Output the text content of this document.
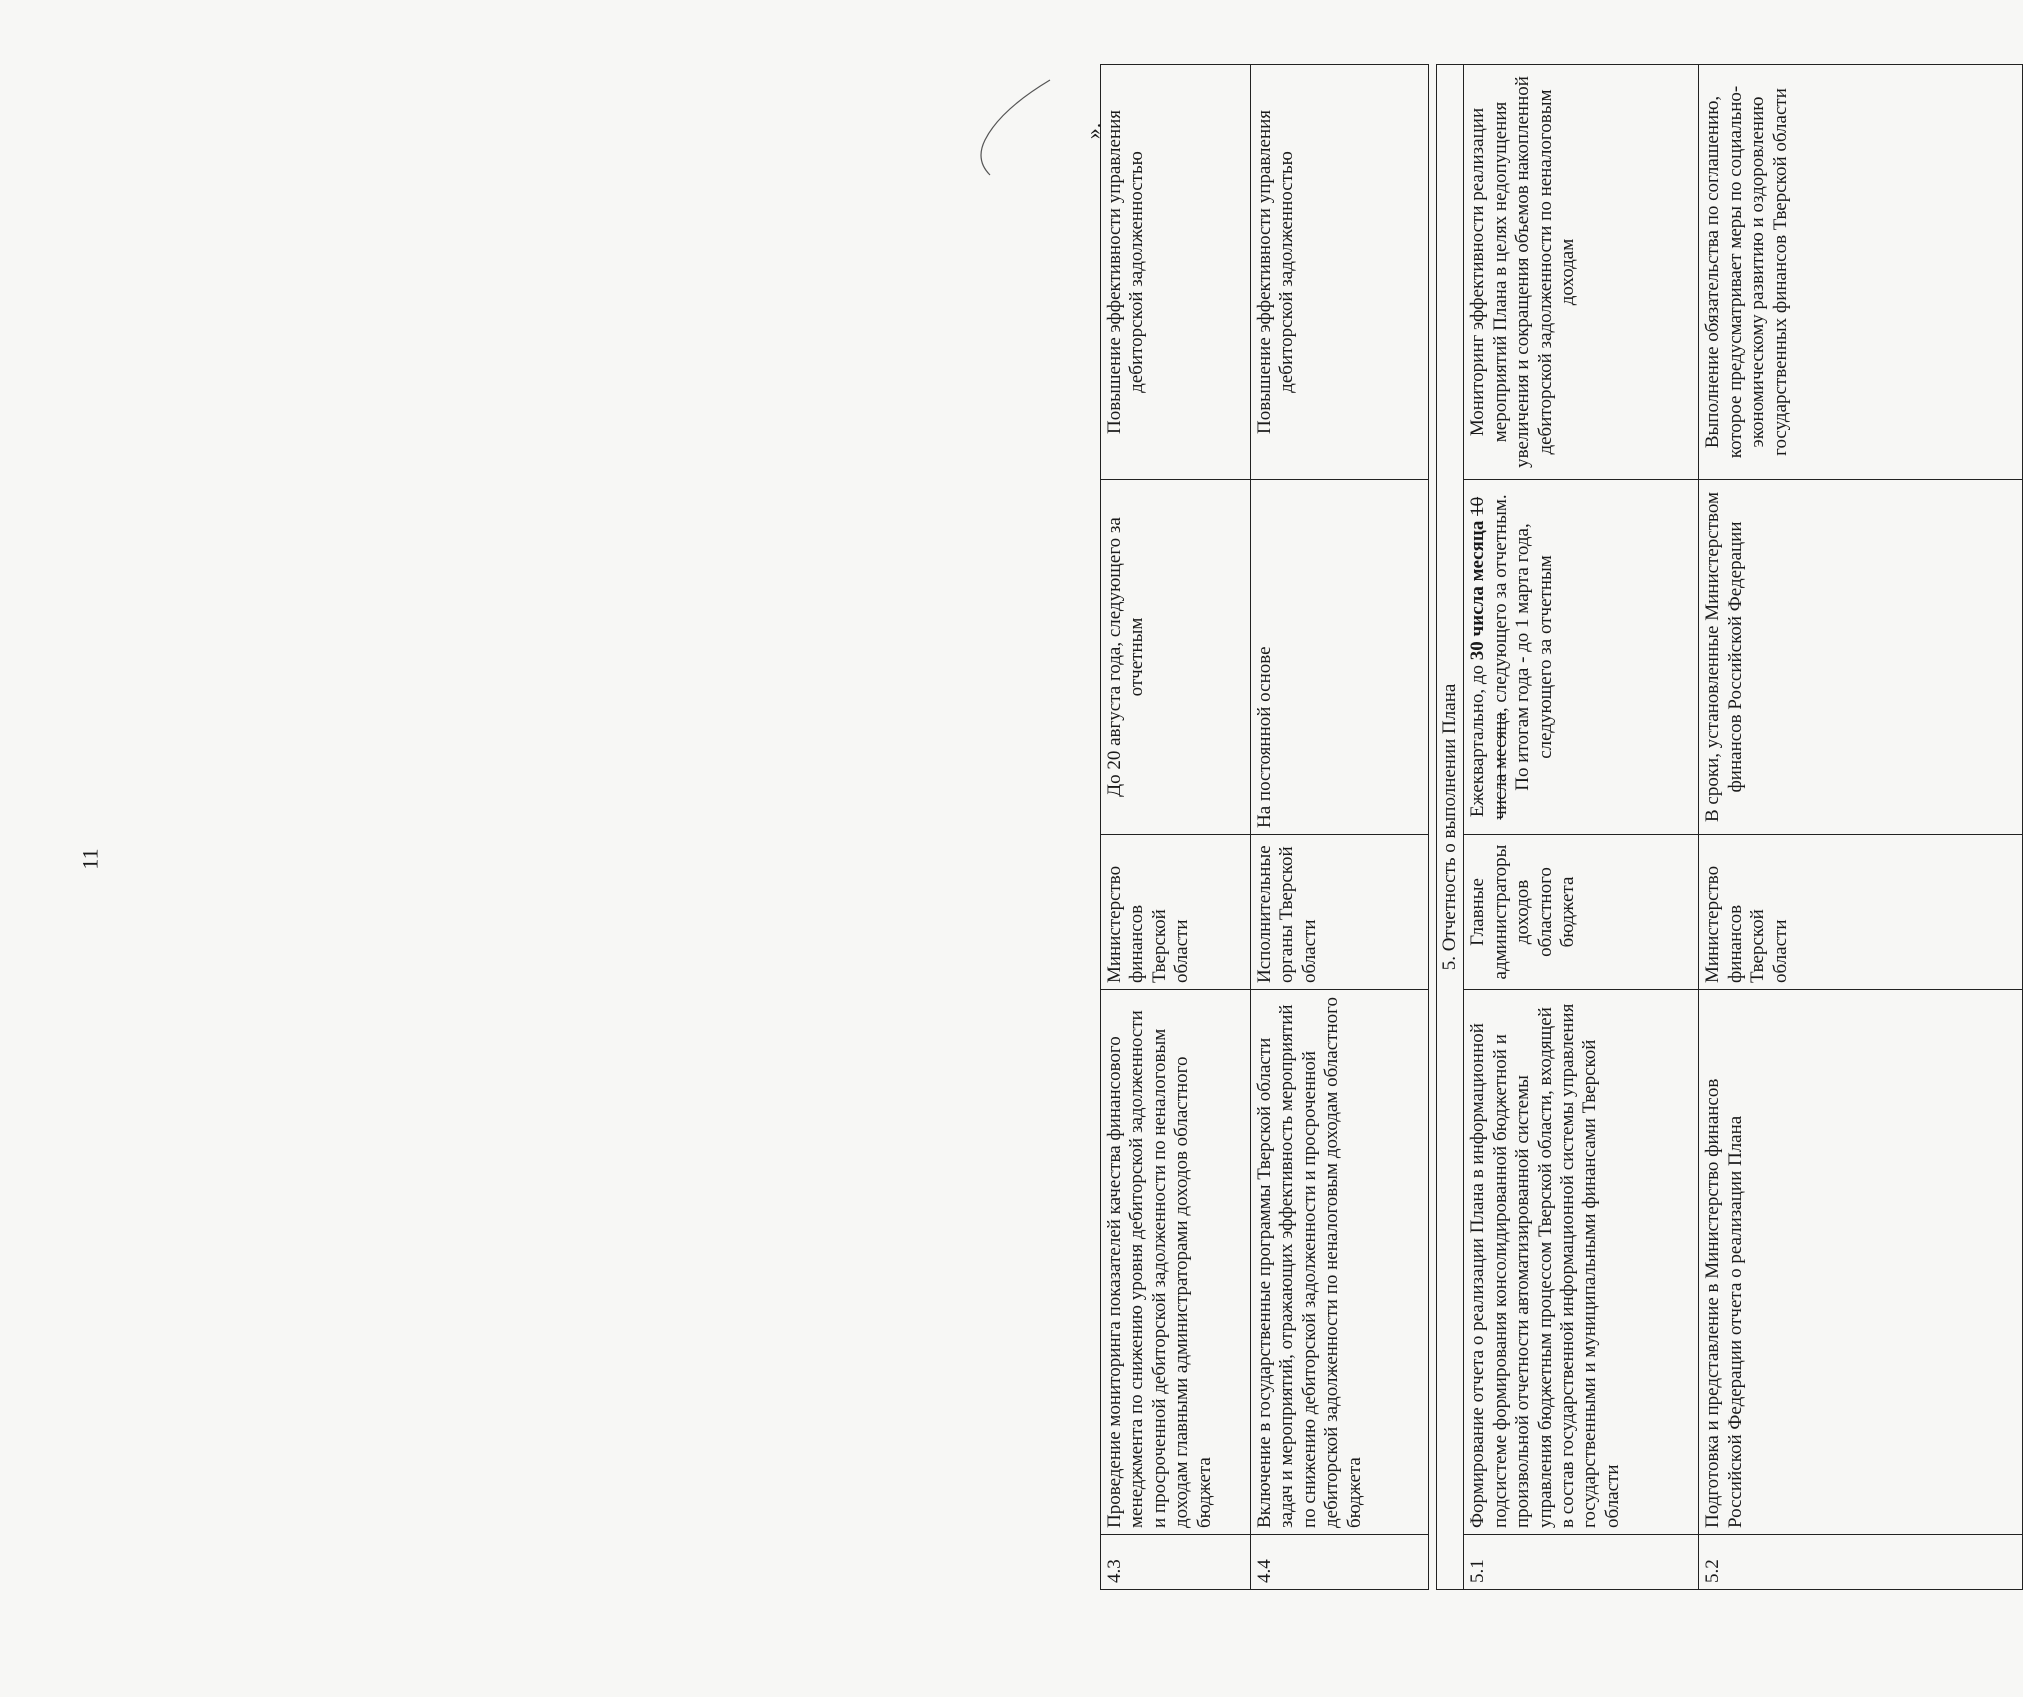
11
».
4.3	Проведение мониторинга показателей качества финансового менеджмента по снижению уровня дебиторской задолженности и просроченной дебиторской задолженности по неналоговым доходам главными администраторами доходов областного бюджета	Министерство финансов Тверской области	До 20 августа года, следующего за отчетным	Повышение эффективности управления дебиторской задолженностью
4.4	Включение в государственные программы Тверской области задач и мероприятий, отражающих эффективность мероприятий по снижению дебиторской задолженности и просроченной дебиторской задолженности по неналоговым доходам областного бюджета	Исполнительные органы Тверской области	На постоянной основе	Повышение эффективности управления дебиторской задолженностью

5. Отчетность о выполнении Плана				
5.1	Формирование отчета о реализации Плана в информационной подсистеме формирования консолидированной бюджетной и произвольной отчетности автоматизированной системы управления бюджетным процессом Тверской области, входящей в состав государственной информационной системы управления государственными и муниципальными финансами Тверской области	Главные администраторы доходов областного бюджета	Ежеквартально, до 30 числа месяца 10 числа месяца, следующего за отчетным. По итогам года - до 1 марта года, следующего за отчетным	Мониторинг эффективности реализации мероприятий Плана в целях недопущения увеличения и сокращения объемов накопленной дебиторской задолженности по неналоговым доходам
5.2	Подготовка и представление в Министерство финансов Российской Федерации отчета о реализации Плана	Министерство финансов Тверской области	В сроки, установленные Министерством финансов Российской Федерации	Выполнение обязательства по соглашению, которое предусматривает меры по социально-экономическому развитию и оздоровлению государственных финансов Тверской области
